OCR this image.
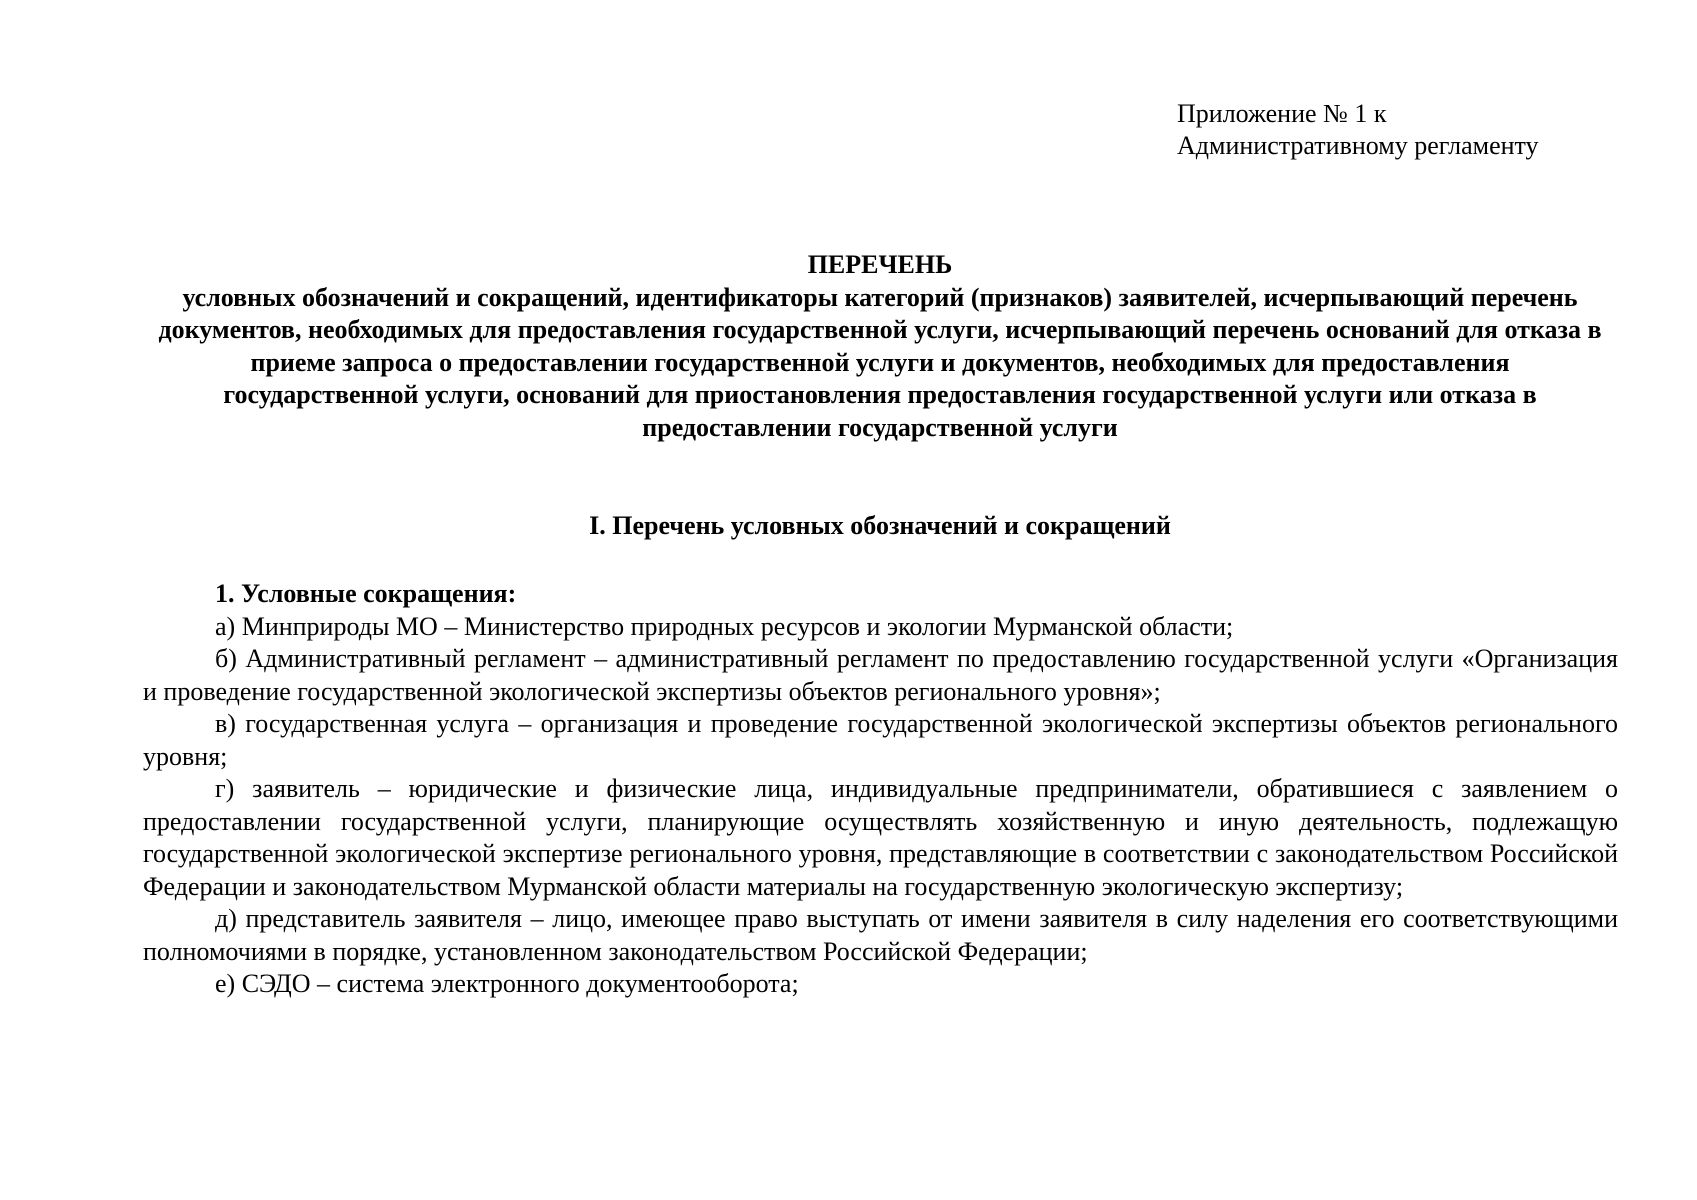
Приложение № 1 к
Административному регламенту
ПЕРЕЧЕНЬ
условных обозначений и сокращений, идентификаторы категорий (признаков) заявителей, исчерпывающий перечень документов, необходимых для предоставления государственной услуги, исчерпывающий перечень оснований для отказа в приеме запроса о предоставлении государственной услуги и документов, необходимых для предоставления государственной услуги, оснований для приостановления предоставления государственной услуги или отказа в предоставлении государственной услуги
I. Перечень условных обозначений и сокращений
1. Условные сокращения:
а) Минприроды МО – Министерство природных ресурсов и экологии Мурманской области;
б) Административный регламент – административный регламент по предоставлению государственной услуги «Организация и проведение государственной экологической экспертизы объектов регионального уровня»;
в) государственная услуга – организация и проведение государственной экологической экспертизы объектов регионального уровня;
г) заявитель – юридические и физические лица, индивидуальные предприниматели, обратившиеся с заявлением о предоставлении государственной услуги, планирующие осуществлять хозяйственную и иную деятельность, подлежащую государственной экологической экспертизе регионального уровня, представляющие в соответствии с законодательством Российской Федерации и законодательством Мурманской области материалы на государственную экологическую экспертизу;
д) представитель заявителя – лицо, имеющее право выступать от имени заявителя в силу наделения его соответствующими полномочиями в порядке, установленном законодательством Российской Федерации;
е) СЭДО – система электронного документооборота;
